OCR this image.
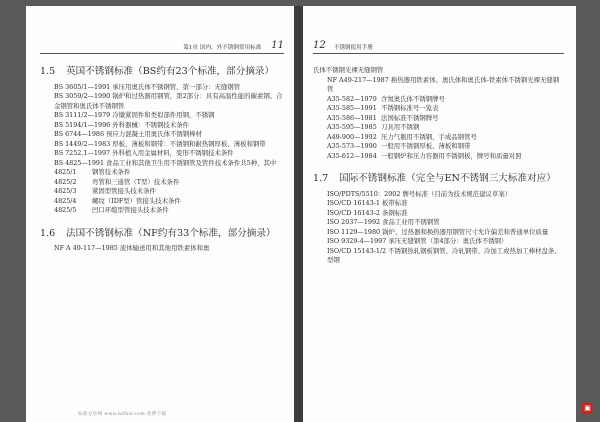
第1章 国内、外不锈钢常用标准 11
1.5	英国不锈钢标准（BS约有23个标准，部分摘录）

BS 3605/1—1991 承压用奥氏体不锈钢管，第一部分：无缝钢管

BS 3059/2—1990 锅炉和过热器用钢管，第2部分：具有高温性能的碳素钢、合金钢管和奥氏体不锈钢管

BS 3111/2—1979 冷镦紧固件和类似部件用钢，不锈钢

BS 5194/1—1996 外科器械：不锈钢技术条件

BS 6744—1986 预应力混凝土用奥氏体不锈钢棒材

BS 1449/2—1983 厚板、薄板和钢带：不锈钢和耐热钢厚板、薄板和钢带

BS 7252.1—1997 外科植入用金属材料，变形不锈钢技术条件

BS 4825—1991 食品工业和其他卫生用不锈钢管及管件技术条件共5种，其中

4825/1	钢管技术条件
4825/2	弯管和三通管（T型）技术条件
4825/3	紧固型管接头技术条件
4825/4	螺纹（IDF型）管接头技术条件
4825/5	凹口环缆型管接头技术条件
1.6	法国不锈钢标准（NF约有33个标准，部分摘录）

NF A 49-117—1985 流体输送用和其他用铁素体和奥

标准分享网 www.bzfxw.com 免费下载
12 不锈钢使用手册

氏体不锈钢光裸无缝钢管

NF A49-217—1987 换热器用铁素体、奥氏体和奥氏体-铁素体不锈钢光裸无缝钢管

A35-582—1979 含氮奥氏体不锈钢牌号
A35-585—1991 不锈钢标准号一览表
A35-586—1981 法国标准不锈钢牌号
A35-595—1985 刀具用不锈钢
A49-900—1992 压力气瓶用不锈钢，手成品钢管号
A35-573—1990 一般用不锈钢厚板、薄板和钢带
A35-612—1984 一般钢炉和压力容器用不锈钢板，牌号和质量对照
1.7	国际不锈钢标准（完全与EN不锈钢三大标准对应）

ISO/PDTS/5510：2002 牌号标准（目前为技术规范建议草案）

ISO/CD 16143-1 板带标准

ISO/CD 16143-2 条钢标准

ISO 2037—1992 食品工业用不锈钢管

ISO 1129—1980 锅炉、过热器和换热器用钢管尺寸允许偏差和普通单位质量

ISO 9329-4—1997 承压无缝钢管（第4部分：奥氏体不锈钢）

ISO/CD 15143-1/2 不锈钢热轧钢板钢管、冷轧钢带、冷加工或热加工棒材盘条、型钢

▣
